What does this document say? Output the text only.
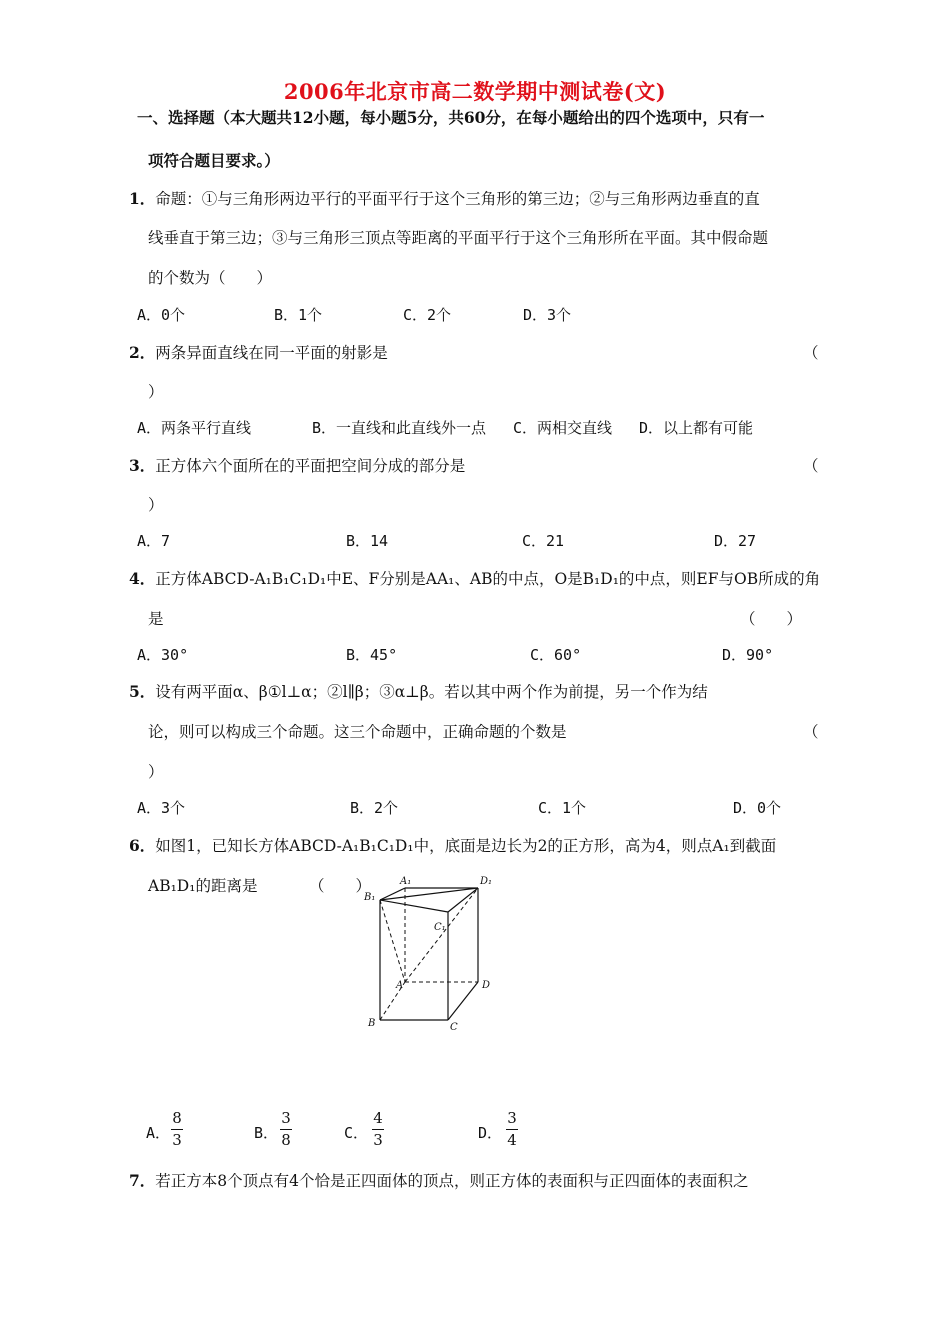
2006年北京市高二数学期中测试卷(文)
一、选择题（本大题共12小题，每小题5分，共60分，在每小题给出的四个选项中，只有一
项符合题目要求。）
1．命题：①与三角形两边平行的平面平行于这个三角形的第三边；②与三角形两边垂直的直
线垂直于第三边；③与三角形三顶点等距离的平面平行于这个三角形所在平面。其中假命题
的个数为（　　）
A．0个	B．1个	C．2个	D．3个
2．两条异面直线在同一平面的射影是	（
）
A．两条平行直线	B．一直线和此直线外一点 C．两相交直线 D．以上都有可能
3．正方体六个面所在的平面把空间分成的部分是	（
）
A．7	B．14	C．21	D．27
4．正方体ABCD-A₁B₁C₁D₁中E、F分别是AA₁、AB的中点，O是B₁D₁的中点，则EF与OB所成的角
是	（　　）
A．30°	B．45°	C．60°	D．90°
5．设有两平面α、β①l⊥α；②l∥β；③α⊥β。若以其中两个作为前提，另一个作为结
论，则可以构成三个命题。这三个命题中，正确命题的个数是	（
）
A．3个	B．2个	C．1个	D．0个
6．如图1，已知长方体ABCD-A₁B₁C₁D₁中，底面是边长为2的正方形，高为4，则点A₁到截面
AB₁D₁的距离是	（　　）	A₁	D₁
B₁
C₁
A	D
B	C
A．
8
3	B．
3
8	C．
4
3	D．
3
4
7．若正方本8个顶点有4个恰是正四面体的顶点，则正方体的表面积与正四面体的表面积之
